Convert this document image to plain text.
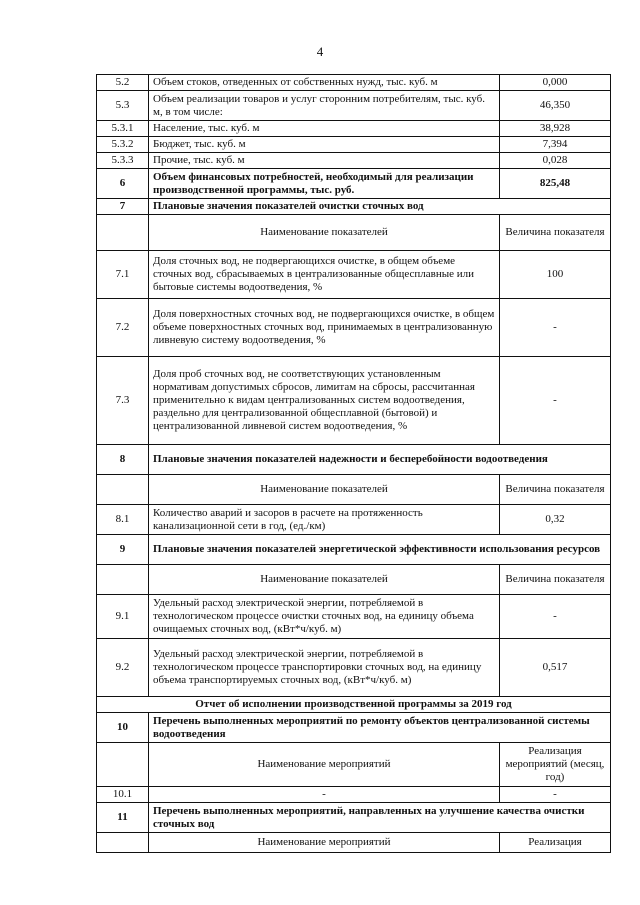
4
5.2	Объем стоков, отведенных от собственных нужд, тыс. куб. м	0,000
5.3	Объем реализации товаров и услуг сторонним потребителям, тыс. куб. м, в том числе:	46,350
5.3.1	Население, тыс. куб. м	38,928
5.3.2	Бюджет, тыс. куб. м	7,394
5.3.3	Прочие, тыс. куб. м	0,028
6	Объем финансовых потребностей, необходимый для реализации производственной программы, тыс. руб.	825,48
7	Плановые значения показателей очистки сточных вод	
	Наименование показателей	Величина показателя
7.1	Доля сточных вод, не подвергающихся очистке, в общем объеме сточных вод, сбрасываемых в централизованные общесплавные или бытовые системы водоотведения, %	100
7.2	Доля поверхностных сточных вод, не подвергающихся очистке, в общем объеме поверхностных сточных вод, принимаемых в централизованную ливневую систему водоотведения, %	-
7.3	Доля проб сточных вод, не соответствующих установленным нормативам допустимых сбросов, лимитам на сбросы, рассчитанная применительно к видам централизованных систем водоотведения, раздельно для централизованной общесплавной (бытовой) и централизованной ливневой систем водоотведения, %	-
8	Плановые значения показателей надежности и бесперебойности водоотведения	
	Наименование показателей	Величина показателя
8.1	Количество аварий и засоров в расчете на протяженность канализационной сети в год, (ед./км)	0,32
9	Плановые значения показателей энергетической эффективности использования ресурсов	
	Наименование показателей	Величина показателя
9.1	Удельный расход электрической энергии, потребляемой в технологическом процессе очистки сточных вод, на единицу объема очищаемых сточных вод, (кВт*ч/куб. м)	-
9.2	Удельный расход электрической энергии, потребляемой в технологическом процессе транспортировки сточных вод, на единицу объема транспортируемых сточных вод, (кВт*ч/куб. м)	0,517
Отчет об исполнении производственной программы за 2019 год		
10	Перечень выполненных мероприятий по ремонту объектов централизованной системы водоотведения	
	Наименование мероприятий	Реализация мероприятий (месяц, год)
10.1	-	-
11	Перечень выполненных мероприятий, направленных на улучшение качества очистки сточных вод	
	Наименование мероприятий	Реализация
